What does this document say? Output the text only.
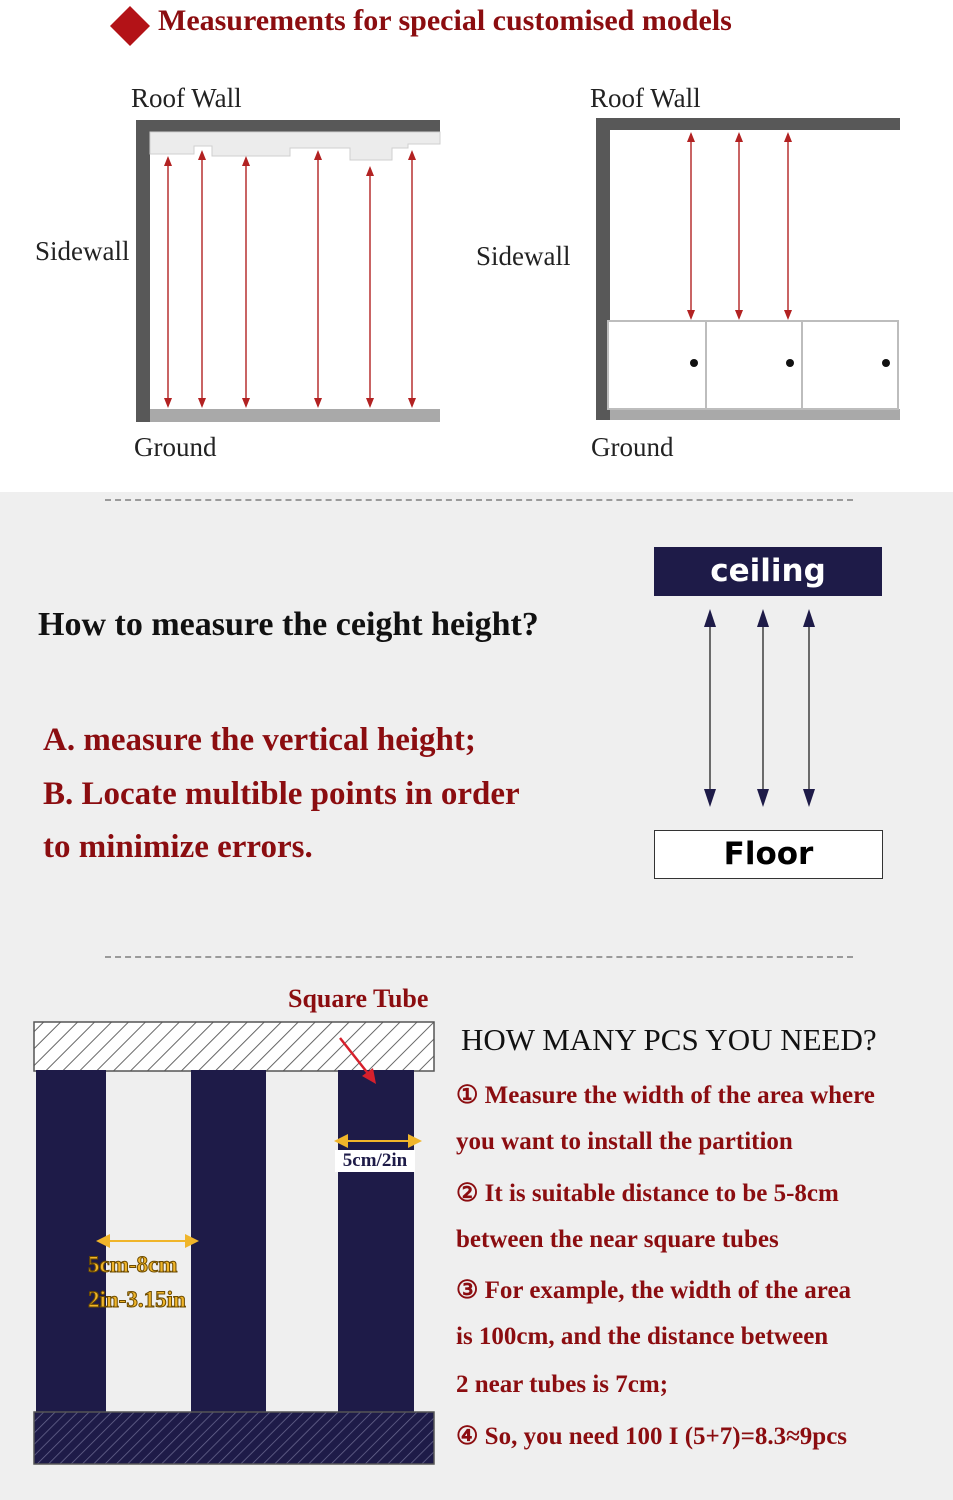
Measurements for special customised models
Roof Wall
Sidewall
Ground
Roof Wall
Sidewall
Ground
How to measure the ceight height?
A. measure the vertical height;
B. Locate multible points in order
to minimize errors.
ceiling
Floor
Square Tube
5cm/2in
5cm-8cm
2in-3.15in
HOW MANY PCS YOU NEED?
① Measure the width of the area where
you want to install the partition
② It is suitable distance to be 5-8cm
between the near square tubes
③ For example, the width of the area
is 100cm, and the distance between
2 near tubes is 7cm;
④ So, you need 100 I (5+7)=8.3≈9pcs
